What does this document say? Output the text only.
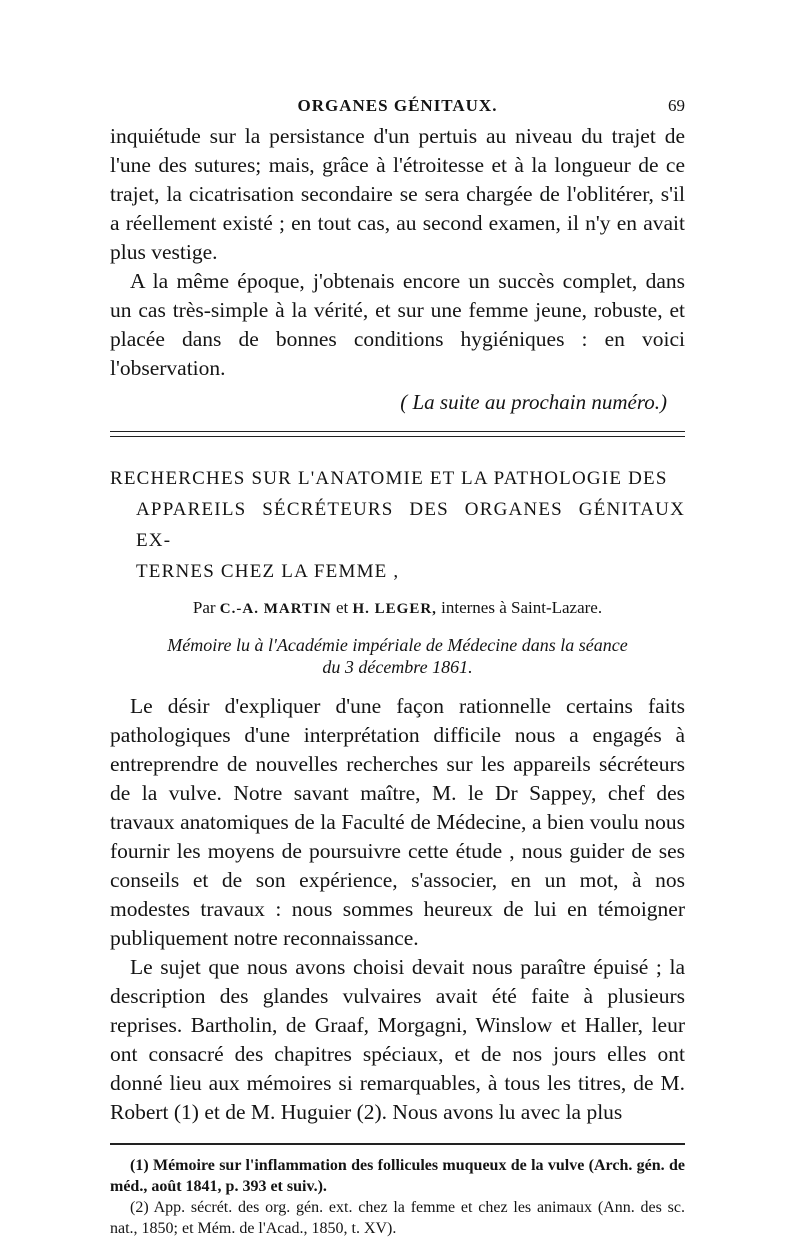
ORGANES GÉNITAUX.	69

inquiétude sur la persistance d'un pertuis au niveau du trajet de l'une des sutures; mais, grâce à l'étroitesse et à la longueur de ce trajet, la cicatrisation secondaire se sera chargée de l'oblitérer, s'il a réellement existé ; en tout cas, au second examen, il n'y en avait plus vestige.

A la même époque, j'obtenais encore un succès complet, dans un cas très-simple à la vérité, et sur une femme jeune, robuste, et placée dans de bonnes conditions hygiéniques : en voici l'observation.

( La suite au prochain numéro.)
RECHERCHES SUR L'ANATOMIE ET LA PATHOLOGIE DES
APPAREILS SÉCRÉTEURS DES ORGANES GÉNITAUX EX-
TERNES CHEZ LA FEMME ,
Par C.-A. MARTIN et H. LEGER, internes à Saint-Lazare.
Mémoire lu à l'Académie impériale de Médecine dans la séance
du 3 décembre 1861.

Le désir d'expliquer d'une façon rationnelle certains faits pathologiques d'une interprétation difficile nous a engagés à entreprendre de nouvelles recherches sur les appareils sécréteurs de la vulve. Notre savant maître, M. le Dr Sappey, chef des travaux anatomiques de la Faculté de Médecine, a bien voulu nous fournir les moyens de poursuivre cette étude , nous guider de ses conseils et de son expérience, s'associer, en un mot, à nos modestes travaux : nous sommes heureux de lui en témoigner publiquement notre reconnaissance.

Le sujet que nous avons choisi devait nous paraître épuisé ; la description des glandes vulvaires avait été faite à plusieurs reprises. Bartholin, de Graaf, Morgagni, Winslow et Haller, leur ont consacré des chapitres spéciaux, et de nos jours elles ont donné lieu aux mémoires si remarquables, à tous les titres, de M. Robert (1) et de M. Huguier (2). Nous avons lu avec la plus

(1) Mémoire sur l'inflammation des follicules muqueux de la vulve (Arch. gén. de méd., août 1841, p. 393 et suiv.).
(2) App. sécrét. des org. gén. ext. chez la femme et chez les animaux (Ann. des sc. nat., 1850; et Mém. de l'Acad., 1850, t. XV).
